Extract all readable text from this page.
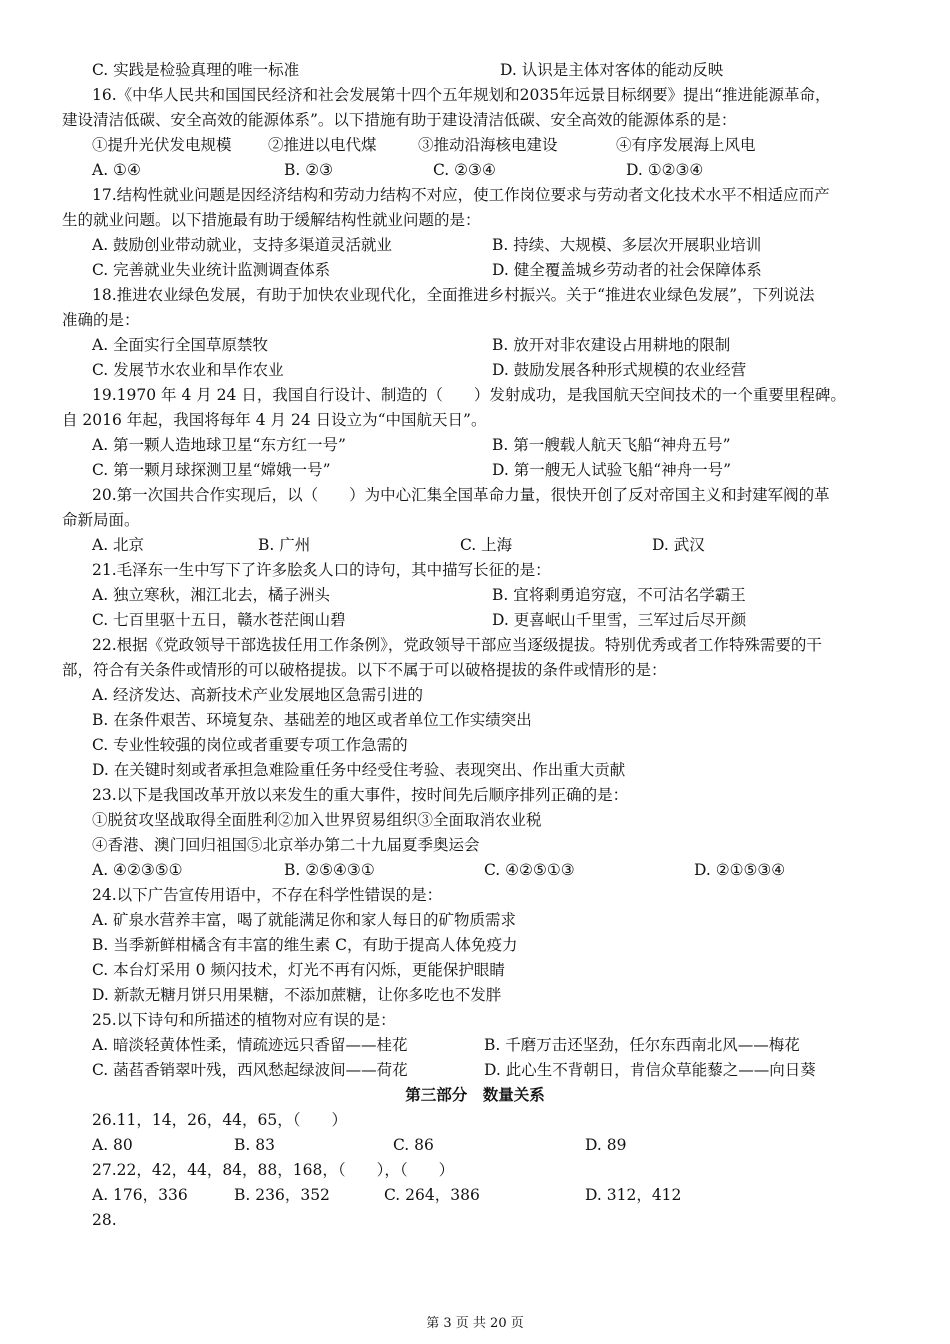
C. 实践是检验真理的唯一标准	D. 认识是主体对客体的能动反映
16.《中华人民共和国国民经济和社会发展第十四个五年规划和2035年远景目标纲要》提出“推进能源革命，
建设清洁低碳、安全高效的能源体系”。以下措施有助于建设清洁低碳、安全高效的能源体系的是：
①提升光伏发电规模 ②推进以电代煤	③推动沿海核电建设	④有序发展海上风电
A. ①④	B. ②③	C. ②③④	D. ①②③④
17.结构性就业问题是因经济结构和劳动力结构不对应，使工作岗位要求与劳动者文化技术水平不相适应而产
生的就业问题。以下措施最有助于缓解结构性就业问题的是：
A. 鼓励创业带动就业，支持多渠道灵活就业	B. 持续、大规模、多层次开展职业培训
C. 完善就业失业统计监测调查体系	D. 健全覆盖城乡劳动者的社会保障体系
18.推进农业绿色发展，有助于加快农业现代化，全面推进乡村振兴。关于“推进农业绿色发展”，下列说法
准确的是：
A. 全面实行全国草原禁牧	B. 放开对非农建设占用耕地的限制
C. 发展节水农业和旱作农业	D. 鼓励发展各种形式规模的农业经营
19.1970 年 4 月 24 日，我国自行设计、制造的（　　）发射成功，是我国航天空间技术的一个重要里程碑。
自 2016 年起，我国将每年 4 月 24 日设立为“中国航天日”。
A. 第一颗人造地球卫星“东方红一号”	B. 第一艘载人航天飞船“神舟五号”
C. 第一颗月球探测卫星“嫦娥一号”	D. 第一艘无人试验飞船“神舟一号”
20.第一次国共合作实现后，以（　　）为中心汇集全国革命力量，很快开创了反对帝国主义和封建军阀的革
命新局面。
A. 北京	B. 广州	C. 上海	D. 武汉
21.毛泽东一生中写下了许多脍炙人口的诗句，其中描写长征的是：
A. 独立寒秋，湘江北去，橘子洲头	B. 宜将剩勇追穷寇，不可沽名学霸王
C. 七百里驱十五日，赣水苍茫闽山碧	D. 更喜岷山千里雪，三军过后尽开颜
22.根据《党政领导干部选拔任用工作条例》，党政领导干部应当逐级提拔。特别优秀或者工作特殊需要的干
部，符合有关条件或情形的可以破格提拔。以下不属于可以破格提拔的条件或情形的是：
A. 经济发达、高新技术产业发展地区急需引进的
B. 在条件艰苦、环境复杂、基础差的地区或者单位工作实绩突出
C. 专业性较强的岗位或者重要专项工作急需的
D. 在关键时刻或者承担急难险重任务中经受住考验、表现突出、作出重大贡献
23.以下是我国改革开放以来发生的重大事件，按时间先后顺序排列正确的是：
①脱贫攻坚战取得全面胜利②加入世界贸易组织③全面取消农业税
④香港、澳门回归祖国⑤北京举办第二十九届夏季奥运会
A. ④②③⑤①	B. ②⑤④③①	C. ④②⑤①③	D. ②①⑤③④
24.以下广告宣传用语中，不存在科学性错误的是：
A. 矿泉水营养丰富，喝了就能满足你和家人每日的矿物质需求
B. 当季新鲜柑橘含有丰富的维生素 C，有助于提高人体免疫力
C. 本台灯采用 0 频闪技术，灯光不再有闪烁，更能保护眼睛
D. 新款无糖月饼只用果糖，不添加蔗糖，让你多吃也不发胖
25.以下诗句和所描述的植物对应有误的是：
A. 暗淡轻黄体性柔，情疏迹远只香留——桂花	B. 千磨万击还坚劲，任尔东西南北风——梅花
C. 菡萏香销翠叶残，西风愁起绿波间——荷花	D. 此心生不背朝日，肯信众草能藜之——向日葵
第三部分　数量关系
26.11，14，26，44，65，（　　）
A. 80	B. 83	C. 86	D. 89
27.22，42，44，84，88，168，（　　），（　　）
A. 176，336	B. 236，352	C. 264，386	D. 312，412
28.
第 3 页 共 20 页
